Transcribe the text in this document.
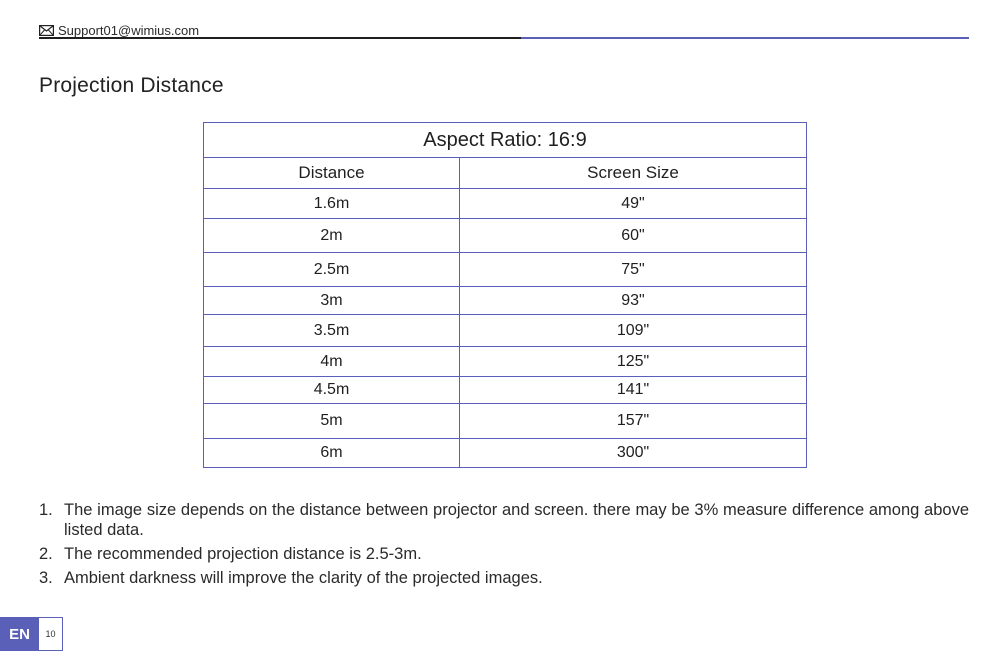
Support01@wimius.com
Projection Distance
Aspect Ratio: 16:9	
Distance	Screen Size
1.6m	49"
2m	60"
2.5m	75"
3m	93"
3.5m	109"
4m	125"
4.5m	141"
5m	157"
6m	300"
1. The image size depends on the distance between projector and screen. there may be 3% measure difference among above listed data.
2. The recommended projection distance is 2.5-3m.
3. Ambient darkness will improve the clarity of the projected images.
EN	10
